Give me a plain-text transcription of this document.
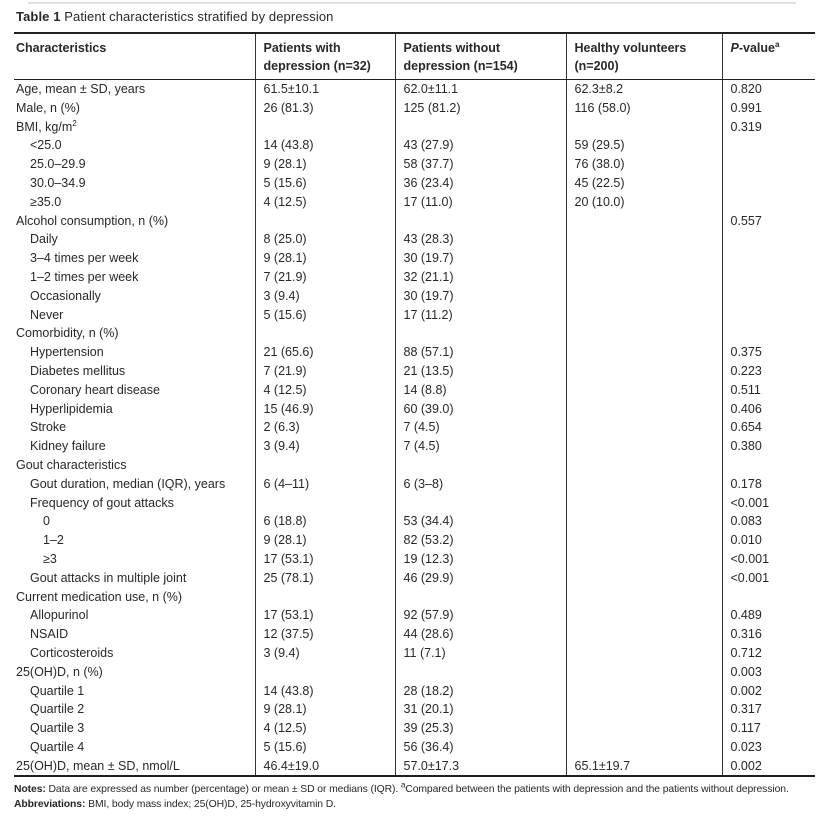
Table 1 Patient characteristics stratified by depression
Characteristics	Patients with depression (n=32)	Patients without depression (n=154)	Healthy volunteers (n=200)	P-value$^a$
Age, mean ± SD, years	61.5±10.1	62.0±11.1	62.3±8.2	0.820
Male, n (%)	26 (81.3)	125 (81.2)	116 (58.0)	0.991
BMI, $kg/m^2$				0.319
<25.0	14 (43.8)	43 (27.9)	59 (29.5)	
25.0–29.9	9 (28.1)	58 (37.7)	76 (38.0)	
30.0–34.9	5 (15.6)	36 (23.4)	45 (22.5)	
≥35.0	4 (12.5)	17 (11.0)	20 (10.0)	
Alcohol consumption, n (%)				0.557
Daily	8 (25.0)	43 (28.3)		
3–4 times per week	9 (28.1)	30 (19.7)		
1–2 times per week	7 (21.9)	32 (21.1)		
Occasionally	3 (9.4)	30 (19.7)		
Never	5 (15.6)	17 (11.2)		
Comorbidity, n (%)				
Hypertension	21 (65.6)	88 (57.1)		0.375
Diabetes mellitus	7 (21.9)	21 (13.5)		0.223
Coronary heart disease	4 (12.5)	14 (8.8)		0.511
Hyperlipidemia	15 (46.9)	60 (39.0)		0.406
Stroke	2 (6.3)	7 (4.5)		0.654
Kidney failure	3 (9.4)	7 (4.5)		0.380
Gout characteristics				
Gout duration, median (IQR), years	6 (4–11)	6 (3–8)		0.178
Frequency of gout attacks				<0.001
0	6 (18.8)	53 (34.4)		0.083
1–2	9 (28.1)	82 (53.2)		0.010
≥3	17 (53.1)	19 (12.3)		<0.001
Gout attacks in multiple joint	25 (78.1)	46 (29.9)		<0.001
Current medication use, n (%)				
Allopurinol	17 (53.1)	92 (57.9)		0.489
NSAID	12 (37.5)	44 (28.6)		0.316
Corticosteroids	3 (9.4)	11 (7.1)		0.712
25(OH)D, n (%)				0.003
Quartile 1	14 (43.8)	28 (18.2)		0.002
Quartile 2	9 (28.1)	31 (20.1)		0.317
Quartile 3	4 (12.5)	39 (25.3)		0.117
Quartile 4	5 (15.6)	56 (36.4)		0.023
25(OH)D, mean ± SD, nmol/L	46.4±19.0	57.0±17.3	65.1±19.7	0.002
Notes: Data are expressed as number (percentage) or mean ± SD or medians (IQR). $^a$Compared between the patients with depression and the patients without depression.
Abbreviations: BMI, body mass index; 25(OH)D, 25-hydroxyvitamin D.
